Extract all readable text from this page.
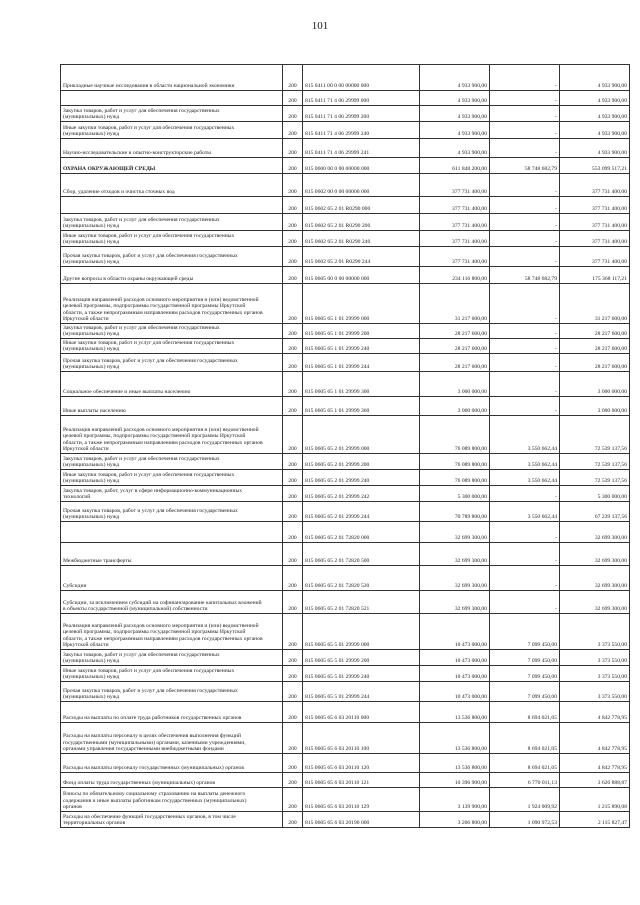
101
Прикладные научные исследования в области национальной экономики	200	815 0411 00 0 00 00000 000	4 933 900,00	-	4 933 900,00
	200	815 0411 71 4 06 29999 000	4 933 900,00	-	4 933 900,00
Закупка товаров, работ и услуг для обеспечения государственных
(муниципальных) нужд	200	815 0411 71 4 06 29999 200	4 933 900,00	-	4 933 900,00
Иные закупки товаров, работ и услуг для обеспечения государственных
(муниципальных) нужд	200	815 0411 71 4 06 29999 240	4 933 900,00	-	4 933 900,00
Научно-исследовательские и опытно-конструкторские работы	200	815 0411 71 4 06 29999 241	4 933 900,00	-	4 933 900,00
ОХРАНА ОКРУЖАЮЩЕЙ СРЕДЫ	200	815 0600 00 0 00 00000 000	611 848 200,00	58 748 682,79	553 099 517,21
Сбор, удаление отходов и очистка сточных вод	200	815 0602 00 0 00 00000 000	377 731 400,00	-	377 731 400,00
	200	815 0602 65 2 01 R0290 000	377 731 400,00	-	377 731 400,00
Закупка товаров, работ и услуг для обеспечения государственных
(муниципальных) нужд	200	815 0602 65 2 01 R0290 200	377 731 400,00	-	377 731 400,00
Иные закупки товаров, работ и услуг для обеспечения государственных
(муниципальных) нужд	200	815 0602 65 2 01 R0290 240	377 731 400,00	-	377 731 400,00
Прочая закупка товаров, работ и услуг для обеспечения государственных
(муниципальных) нужд	200	815 0602 65 2 01 R0290 244	377 731 400,00	-	377 731 400,00
Другие вопросы в области охраны окружающей среды	200	815 0605 00 0 00 00000 000	234 116 800,00	58 748 682,79	175 368 117,21
Реализация направлений расходов основного мероприятия и (или) ведомственной
целевой программы, подпрограммы государственной программы Иркутской
области, а также непрограммным направлениям расходов государственных органов
Иркутской области	200	815 0605 65 1 01 29999 000	31 217 600,00	-	31 217 600,00
Закупка товаров, работ и услуг для обеспечения государственных
(муниципальных) нужд	200	815 0605 65 1 01 29999 200	28 217 600,00	-	28 217 600,00
Иные закупки товаров, работ и услуг для обеспечения государственных
(муниципальных) нужд	200	815 0605 65 1 01 29999 240	28 217 600,00	-	28 217 600,00
Прочая закупка товаров, работ и услуг для обеспечения государственных
(муниципальных) нужд	200	815 0605 65 1 01 29999 244	28 217 600,00	-	28 217 600,00
Социальное обеспечение и иные выплаты населению	200	815 0605 65 1 01 29999 300	3 000 000,00	-	3 000 000,00
Иные выплаты населению	200	815 0605 65 1 01 29999 360	3 000 000,00	-	3 000 000,00
Реализация направлений расходов основного мероприятия и (или) ведомственной
целевой программы, подпрограммы государственной программы Иркутской
области, а также непрограммным направлениям расходов государственных органов
Иркутской области	200	815 0605 65 2 01 29999 000	76 089 800,00	3 550 662,44	72 539 137,56
Закупка товаров, работ и услуг для обеспечения государственных
(муниципальных) нужд	200	815 0605 65 2 01 29999 200	76 089 800,00	3 550 662,44	72 539 137,56
Иные закупки товаров, работ и услуг для обеспечения государственных
(муниципальных) нужд	200	815 0605 65 2 01 29999 240	76 089 800,00	3 550 662,44	72 539 137,56
Закупка товаров, работ, услуг в сфере информационно-коммуникационных
технологий	200	815 0605 65 2 01 29999 242	5 300 000,00	-	5 300 000,00
Прочая закупка товаров, работ и услуг для обеспечения государственных
(муниципальных) нужд	200	815 0605 65 2 01 29999 244	70 789 800,00	3 550 662,44	67 239 137,56
	200	815 0605 65 2 01 72820 000	32 699 300,00	-	32 699 300,00
Межбюджетные трансферты	200	815 0605 65 2 01 72820 500	32 699 300,00	-	32 699 300,00
Субсидии	200	815 0605 65 2 01 72820 520	32 699 300,00	-	32 699 300,00
Субсидии, за исключением субсидий на софинансирование капитальных вложений
в объекты государственной (муниципальной) собственности	200	815 0605 65 2 01 72820 521	32 699 300,00	-	32 699 300,00
Реализация направлений расходов основного мероприятия и (или) ведомственной
целевой программы, подпрограммы государственной программы Иркутской
области, а также непрограммным направлениям расходов государственных органов
Иркутской области	200	815 0605 65 5 01 29999 000	10 473 000,00	7 099 450,00	3 373 550,00
Закупка товаров, работ и услуг для обеспечения государственных
(муниципальных) нужд	200	815 0605 65 5 01 29999 200	10 473 000,00	7 099 450,00	3 373 550,00
Иные закупки товаров, работ и услуг для обеспечения государственных
(муниципальных) нужд	200	815 0605 65 5 01 29999 240	10 473 000,00	7 099 450,00	3 373 550,00
Прочая закупка товаров, работ и услуг для обеспечения государственных
(муниципальных) нужд	200	815 0605 65 5 01 29999 244	10 473 000,00	7 099 450,00	3 373 550,00
Расходы на выплаты по оплате труда работников государственных органов	200	815 0605 65 6 03 20110 000	13 536 800,00	8 694 021,05	4 842 778,95
Расходы на выплаты персоналу в целях обеспечения выполнения функций
государственными (муниципальными) органами, казенными учреждениями,
органами управления государственными внебюджетными фондами	200	815 0605 65 6 03 20110 100	13 536 800,00	8 694 021,05	4 842 778,95
Расходы на выплаты персоналу государственных (муниципальных) органов	200	815 0605 65 6 03 20110 120	13 536 800,00	8 694 021,05	4 842 778,95
Фонд оплаты труда государственных (муниципальных) органов	200	815 0605 65 6 03 20110 121	10 396 900,00	6 770 011,13	3 626 888,87
Взносы по обязательному социальному страхованию на выплаты денежного
содержания и иные выплаты работникам государственных (муниципальных)
органов	200	815 0605 65 6 03 20110 129	3 139 900,00	1 924 009,92	1 215 890,08
Расходы на обеспечение функций государственных органов, в том числе
территориальных органов	200	815 0605 65 6 03 20190 000	3 206 800,00	1 090 972,53	2 115 827,47
